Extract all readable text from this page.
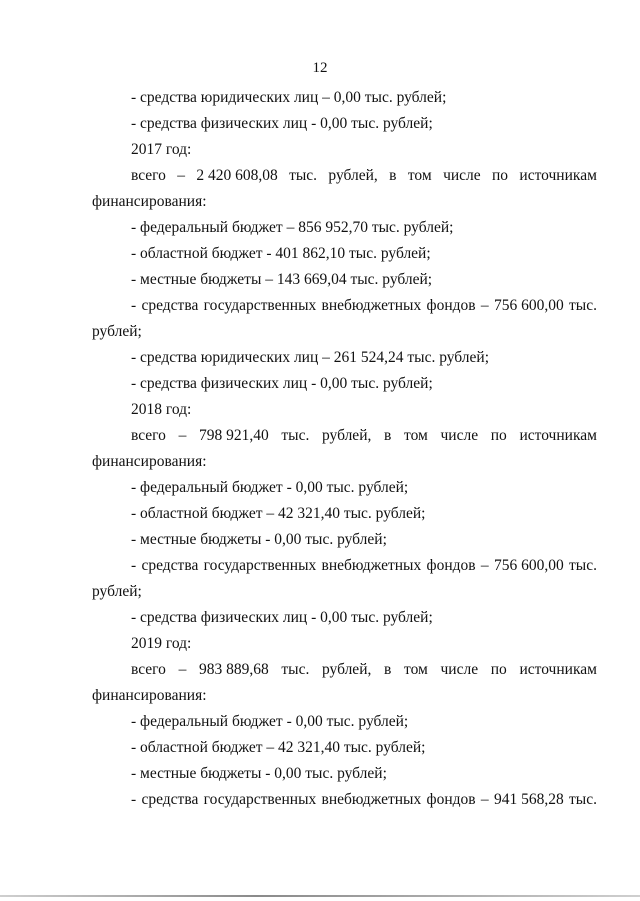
12
- средства юридических лиц – 0,00 тыс. рублей;
- средства физических лиц - 0,00 тыс. рублей;
2017 год:
всего – 2 420 608,08 тыс. рублей, в том числе по источникам
финансирования:
- федеральный бюджет – 856 952,70 тыс. рублей;
- областной бюджет - 401 862,10 тыс. рублей;
- местные бюджеты – 143 669,04 тыс. рублей;
- средства государственных внебюджетных фондов – 756 600,00 тыс.
рублей;
- средства юридических лиц – 261 524,24 тыс. рублей;
- средства физических лиц - 0,00 тыс. рублей;
2018 год:
всего – 798 921,40 тыс. рублей, в том числе по источникам
финансирования:
- федеральный бюджет - 0,00 тыс. рублей;
- областной бюджет – 42 321,40 тыс. рублей;
- местные бюджеты - 0,00 тыс. рублей;
- средства государственных внебюджетных фондов – 756 600,00 тыс.
рублей;
- средства физических лиц - 0,00 тыс. рублей;
2019 год:
всего – 983 889,68 тыс. рублей, в том числе по источникам
финансирования:
- федеральный бюджет - 0,00 тыс. рублей;
- областной бюджет – 42 321,40 тыс. рублей;
- местные бюджеты - 0,00 тыс. рублей;
- средства государственных внебюджетных фондов – 941 568,28 тыс.
